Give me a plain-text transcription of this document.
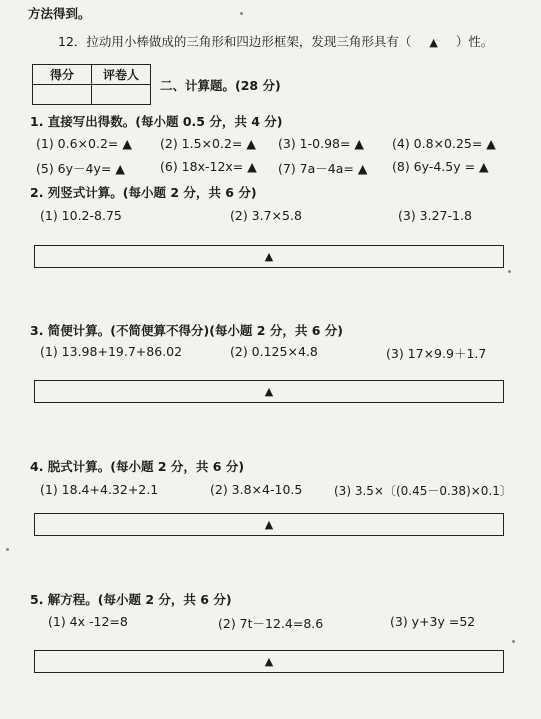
方法得到。
12．拉动用小棒做成的三角形和四边形框架，发现三角形具有（ ▲ ）性。
得分	评卷人

二、计算题。(28 分)
1. 直接写出得数。(每小题 0.5 分，共 4 分)
(1) 0.6×0.2= ▲ (2) 1.5×0.2= ▲ (3) 1-0.98= ▲ (4) 0.8×0.25= ▲
(5) 6y－4y= ▲	(6) 18x-12x= ▲ (7) 7a－4a= ▲ (8) 6y-4.5y = ▲
2. 列竖式计算。(每小题 2 分，共 6 分)
(1) 10.2-8.75	(2) 3.7×5.8	(3) 3.27-1.8
▲
3. 简便计算。(不简便算不得分)(每小题 2 分，共 6 分)
(1) 13.98+19.7+86.02	(2) 0.125×4.8	(3) 17×9.9＋1.7
▲
4. 脱式计算。(每小题 2 分，共 6 分)
(1) 18.4+4.32+2.1	(2) 3.8×4-10.5	(3) 3.5×〔(0.45－0.38)×0.1〕
▲
5. 解方程。(每小题 2 分，共 6 分)
(1) 4x -12=8	(2) 7t－12.4=8.6	(3) y+3y =52
▲
